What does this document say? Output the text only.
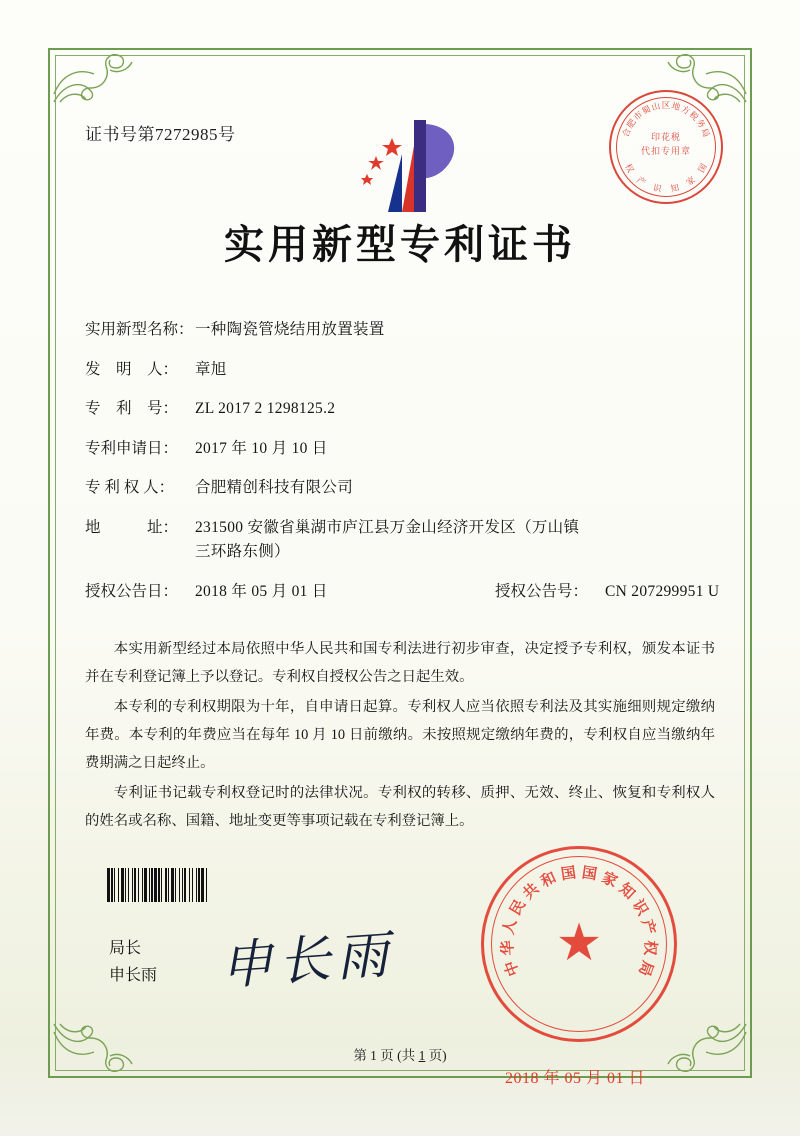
合
肥
市
蜀
山 区 地
方
税
务
局
印花税
代扣专用章
国
家
知
识
产
权
证书号第7272985号
实用新型专利证书
实用新型名称： 一种陶瓷管烧结用放置装置
发　明　人：	章旭
专　利　号：	ZL 2017 2 1298125.2
专利申请日：	2017 年 10 月 10 日
专 利 权 人：	合肥精创科技有限公司
地　　　址：	231500 安徽省巢湖市庐江县万金山经济开发区（万山镇
三环路东侧）
授权公告日：	2018 年 05 月 01 日	授权公告号：	CN 207299951 U

本实用新型经过本局依照中华人民共和国专利法进行初步审查，决定授予专利权，颁发本证书并在专利登记簿上予以登记。专利权自授权公告之日起生效。

本专利的专利权期限为十年，自申请日起算。专利权人应当依照专利法及其实施细则规定缴纳年费。本专利的年费应当在每年 10 月 10 日前缴纳。未按照规定缴纳年费的，专利权自应当缴纳年费期满之日起终止。

专利证书记载专利权登记时的法律状况。专利权的转移、质押、无效、终止、恢复和专利权人的姓名或名称、国籍、地址变更等事项记载在专利登记簿上。

局长
申长雨 申长雨	中
华
人
民
共
和 国 国 家
知
识
产
权
局
★
2018 年 05 月 01 日
第 1 页 (共 1 页)
